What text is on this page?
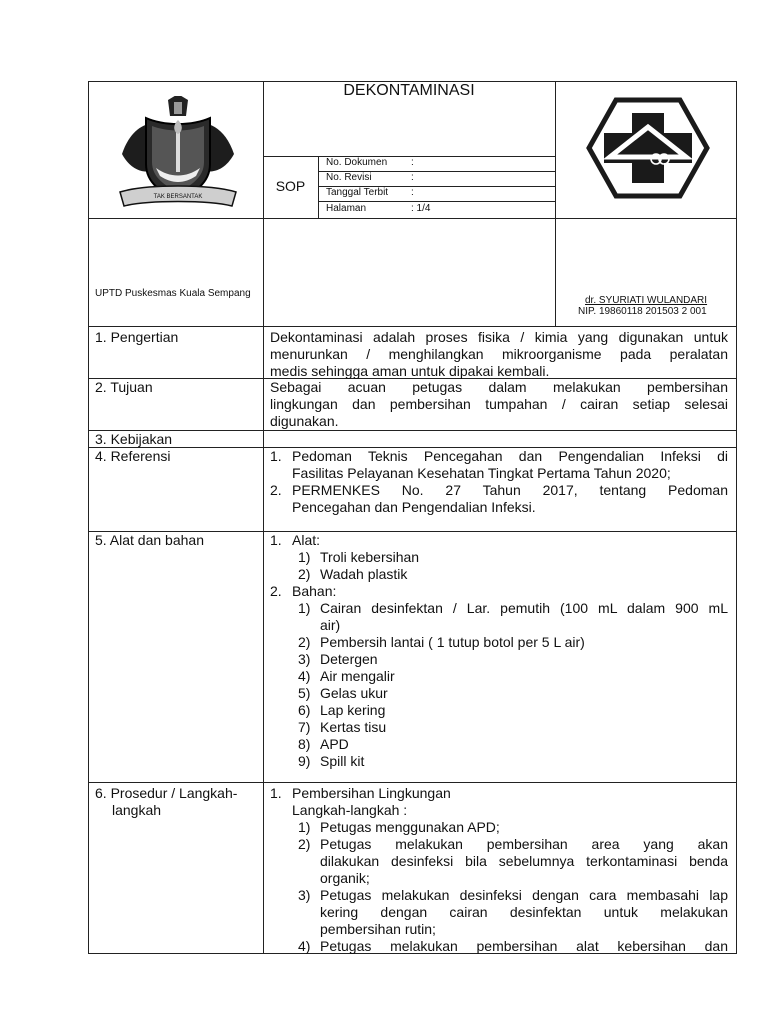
DEKONTAMINASI
SOP
No. Dokumen :
No. Revisi	:
Tanggal Terbit :
Halaman	: 1/4
UPTD Puskesmas Kuala Sempang
dr. SYURIATI WULANDARI
NIP. 19860118 201503 2 001
TAK BERSANTAK
1. Pengertian	Dekontaminasi adalah proses fisika / kimia yang digunakan untuk
menurunkan / menghilangkan mikroorganisme pada peralatan
medis sehingga aman untuk dipakai kembali.
2. Tujuan	Sebagai acuan petugas dalam melakukan pembersihan
lingkungan dan pembersihan tumpahan / cairan setiap selesai
digunakan.
3. Kebijakan
4. Referensi	1. Pedoman Teknis Pencegahan dan Pengendalian Infeksi di
Fasilitas Pelayanan Kesehatan Tingkat Pertama Tahun 2020;
2. PERMENKES No. 27 Tahun 2017, tentang Pedoman
Pencegahan dan Pengendalian Infeksi.
5. Alat dan bahan	1. Alat:
1) Troli kebersihan
2) Wadah plastik
2. Bahan:
1) Cairan desinfektan / Lar. pemutih (100 mL dalam 900 mL
air)
2) Pembersih lantai ( 1 tutup botol per 5 L air)
3) Detergen
4) Air mengalir
5) Gelas ukur
6) Lap kering
7) Kertas tisu
8) APD
9) Spill kit
6. Prosedur / Langkah-
langkah
1. Pembersihan Lingkungan
Langkah-langkah :
1) Petugas menggunakan APD;
2) Petugas melakukan pembersihan area yang akan
dilakukan desinfeksi bila sebelumnya terkontaminasi benda
organik;
3) Petugas melakukan desinfeksi dengan cara membasahi lap
kering dengan cairan desinfektan untuk melakukan
pembersihan rutin;
4) Petugas melakukan pembersihan alat kebersihan dan
